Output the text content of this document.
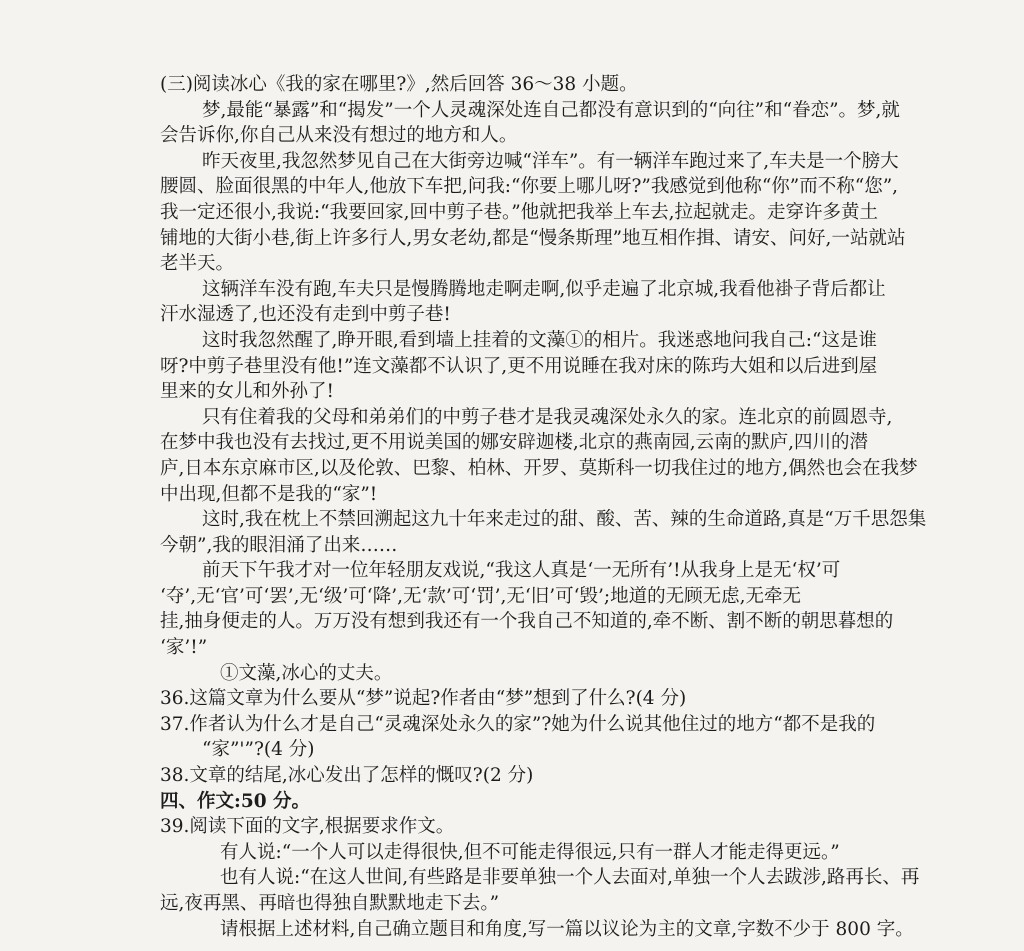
(三)阅读冰心《我的家在哪里?》,然后回答 36～38 小题。
梦,最能“暴露”和“揭发”一个人灵魂深处连自己都没有意识到的“向往”和“眷恋”。梦,就
会告诉你,你自己从来没有想过的地方和人。
昨天夜里,我忽然梦见自己在大街旁边喊“洋车”。有一辆洋车跑过来了,车夫是一个膀大
腰圆、脸面很黑的中年人,他放下车把,问我:“你要上哪儿呀?”我感觉到他称“你”而不称“您”,
我一定还很小,我说:“我要回家,回中剪子巷。”他就把我举上车去,拉起就走。走穿许多黄土
铺地的大街小巷,街上许多行人,男女老幼,都是“慢条斯理”地互相作揖、请安、问好,一站就站
老半天。
这辆洋车没有跑,车夫只是慢腾腾地走啊走啊,似乎走遍了北京城,我看他褂子背后都让
汗水湿透了,也还没有走到中剪子巷!
这时我忽然醒了,睁开眼,看到墙上挂着的文藻①的相片。我迷惑地问我自己:“这是谁
呀?中剪子巷里没有他!”连文藻都不认识了,更不用说睡在我对床的陈玙大姐和以后进到屋
里来的女儿和外孙了!
只有住着我的父母和弟弟们的中剪子巷才是我灵魂深处永久的家。连北京的前圆恩寺,
在梦中我也没有去找过,更不用说美国的娜安辟迦楼,北京的燕南园,云南的默庐,四川的潜
庐,日本东京麻市区,以及伦敦、巴黎、柏林、开罗、莫斯科一切我住过的地方,偶然也会在我梦
中出现,但都不是我的“家”!
这时,我在枕上不禁回溯起这九十年来走过的甜、酸、苦、辣的生命道路,真是“万千思怨集
今朝”,我的眼泪涌了出来……
前天下午我才对一位年轻朋友戏说,“我这人真是‘一无所有’!从我身上是无‘权’可
‘夺’,无‘官’可‘罢’,无‘级’可‘降’,无‘款’可‘罚’,无‘旧’可‘毁’;地道的无顾无虑,无牵无
挂,抽身便走的人。万万没有想到我还有一个我自己不知道的,牵不断、割不断的朝思暮想的
‘家’!”
①文藻,冰心的丈夫。
36.这篇文章为什么要从“梦”说起?作者由“梦”想到了什么?(4 分)
37.作者认为什么才是自己“灵魂深处永久的家”?她为什么说其他住过的地方“都不是我的
“家”'”?(4 分)
38.文章的结尾,冰心发出了怎样的慨叹?(2 分)
四、作文:50 分。
39.阅读下面的文字,根据要求作文。
有人说:“一个人可以走得很快,但不可能走得很远,只有一群人才能走得更远。”
也有人说:“在这人世间,有些路是非要单独一个人去面对,单独一个人去跋涉,路再长、再
远,夜再黑、再暗也得独自默默地走下去。”
请根据上述材料,自己确立题目和角度,写一篇以议论为主的文章,字数不少于 800 字。
